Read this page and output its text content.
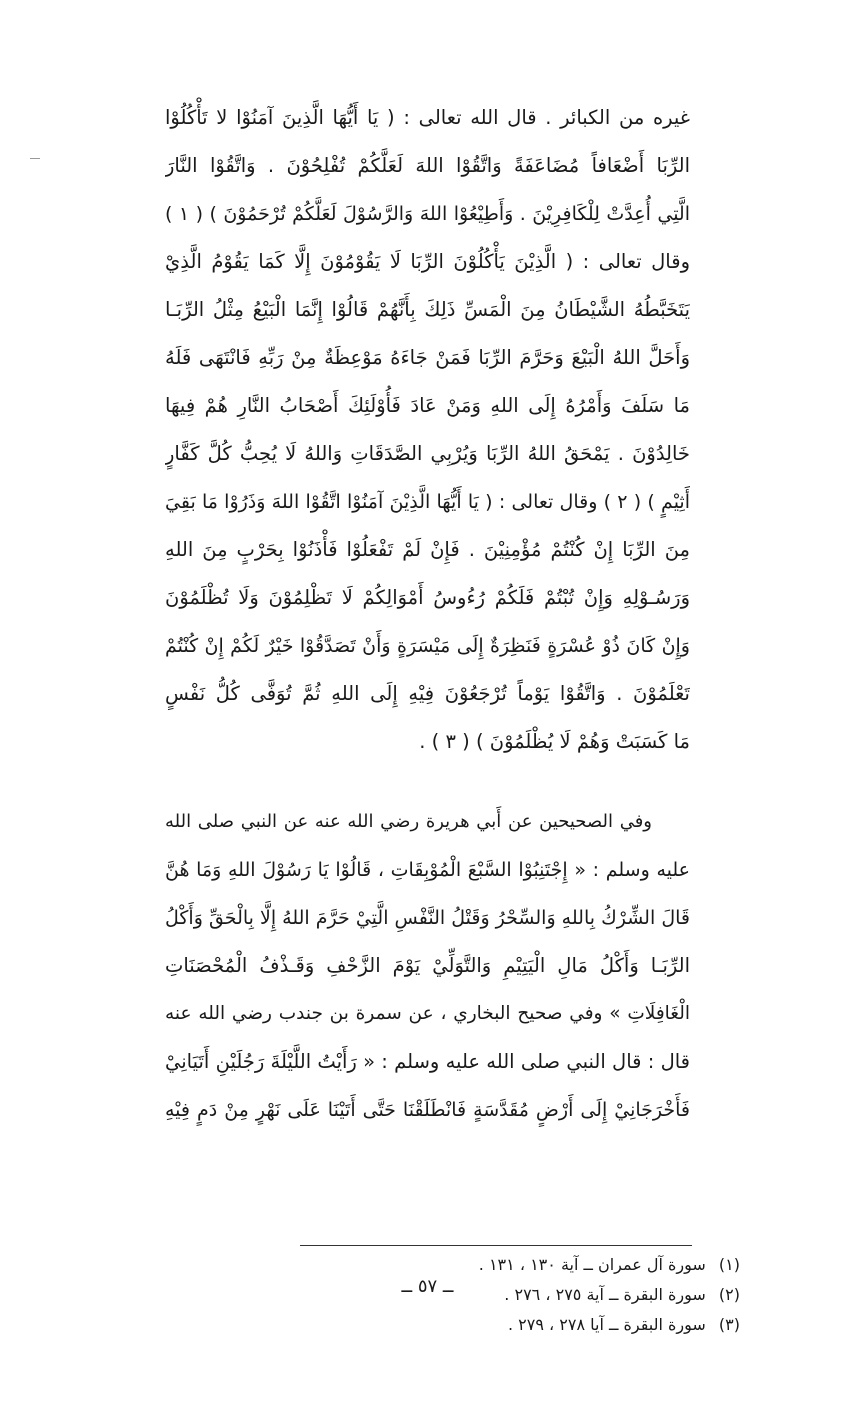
غيره من الكبائر . قال الله تعالى : ( يَا أَيُّهَا الَّذِينَ آمَنُوْا لا تَأْكُلُوْا
الرِّبَا أَضْعَافاً مُضَاعَفَةً وَاتَّقُوْا اللهَ لَعَلَّكُمْ تُفْلِحُوْنَ . وَاتَّقُوْا النَّارَ
الَّتِي أُعِدَّتْ لِلْكَافِرِيْنَ . وَأَطِيْعُوْا اللهَ وَالرَّسُوْلَ لَعَلَّكُمْ تُرْحَمُوْنَ ) ( ١ )
وقال تعالى : ( الَّذِيْنَ يَأْكُلُوْنَ الرِّبَا لَا يَقُوْمُوْنَ إِلَّا كَمَا يَقُوْمُ الَّذِيْ
يَتَخَبَّطُهُ الشَّيْطَانُ مِنَ الْمَسِّ ذَلِكَ بِأَنَّهُمْ قَالُوْا إِنَّمَا الْبَيْعُ مِثْلُ الرِّبَـا
وَأَحَلَّ اللهُ الْبَيْعَ وَحَرَّمَ الرِّبَا فَمَنْ جَاءَهُ مَوْعِظَةٌ مِنْ رَبِّهِ فَانْتَهَى فَلَهُ
مَا سَلَفَ وَأَمْرُهُ إِلَى اللهِ وَمَنْ عَادَ فَأُوْلَئِكَ أَصْحَابُ النَّارِ هُمْ فِيهَا
خَالِدُوْنَ . يَمْحَقُ اللهُ الرِّبَا وَيُرْبِي الصَّدَقَاتِ وَاللهُ لَا يُحِبُّ كُلَّ كَفَّارٍ
أَثِيْمٍ ) ( ٢ ) وقال تعالى : ( يَا أَيُّهَا الَّذِيْنَ آمَنُوْا اتَّقُوْا اللهَ وَذَرُوْا مَا بَقِيَ
مِنَ الرِّبَا إِنْ كُنْتُمْ مُؤْمِنِيْنَ . فَإِنْ لَمْ تَفْعَلُوْا فَأْذَنُوْا بِحَرْبٍ مِنَ اللهِ
وَرَسُـوْلِهِ وَإِنْ تُبْتُمْ فَلَكُمْ رُءُوسُ أَمْوَالِكُمْ لَا تَظْلِمُوْنَ وَلَا تُظْلَمُوْنَ
وَإِنْ كَانَ ذُوْ عُسْرَةٍ فَنَظِرَةٌ إِلَى مَيْسَرَةٍ وَأَنْ تَصَدَّقُوْا خَيْرٌ لَكُمْ إِنْ كُنْتُمْ
تَعْلَمُوْنَ . وَاتَّقُوْا يَوْماً تُرْجَعُوْنَ فِيْهِ إِلَى اللهِ ثُمَّ تُوَفَّى كُلُّ نَفْسٍ
مَا كَسَبَتْ وَهُمْ لَا يُظْلَمُوْنَ ) ( ٣ ) .
وفي الصحيحين عن أَبي هريرة رضي الله عنه عن النبي صلى الله
عليه وسلم : « إِجْتَنِبُوْا السَّبْعَ الْمُوْبِقَاتِ ، قَالُوْا يَا رَسُوْلَ اللهِ وَمَا هُنَّ
قَالَ الشِّرْكُ بِاللهِ وَالسِّحْرُ وَقَتْلُ النَّفْسِ الَّتِيْ حَرَّمَ اللهُ إِلَّا بِالْحَقِّ وَأَكْلُ
الرِّبَـا وَأَكْلُ مَالِ الْيَتِيْمِ وَالتَّوَلِّيْ يَوْمَ الزَّحْفِ وَقَـذْفُ الْمُحْصَنَاتِ
الْغَافِلَاتِ » وفي صحيح البخاري ، عن سمرة بن جندب رضي الله عنه
قال : قال النبي صلى الله عليه وسلم : « رَأَيْتُ اللَّيْلَةَ رَجُلَيْنِ أَتَيَانِيْ
فَأَخْرَجَانِيْ إِلَى أَرْضٍ مُقَدَّسَةٍ فَانْطَلَقْنَا حَتَّى أَتَيْنَا عَلَى نَهْرٍ مِنْ دَمٍ فِيْهِ
(١) سورة آل عمران ــ آية ١٣٠ ، ١٣١ .
(٢) سورة البقرة ــ آية ٢٧٥ ، ٢٧٦ .
(٣) سورة البقرة ــ آيا ٢٧٨ ، ٢٧٩ .
ــ ٥٧ ــ
